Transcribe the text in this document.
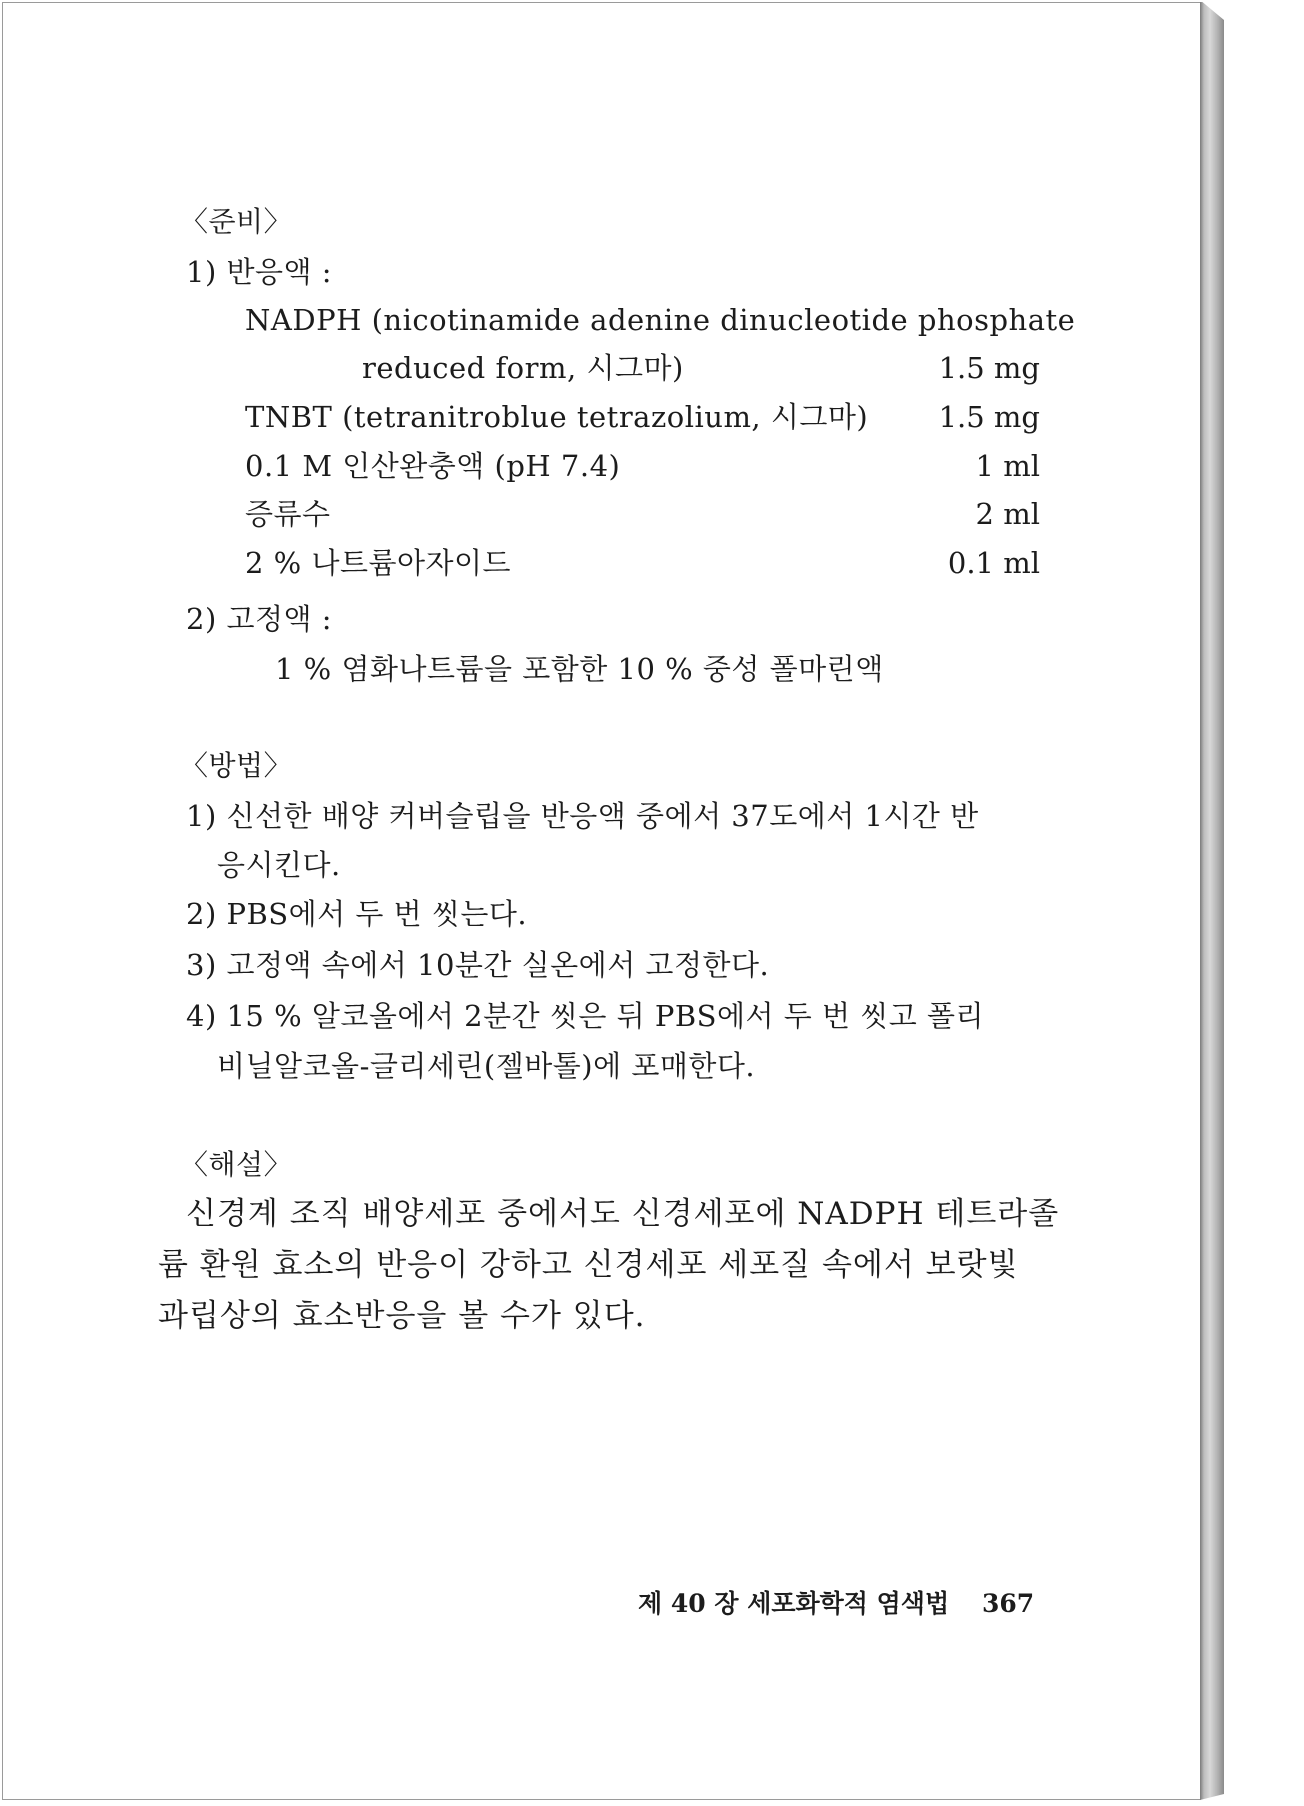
〈준비〉
1) 반응액 :
NADPH (nicotinamide adenine dinucleotide phosphate
reduced form, 시그마)	1.5 mg
TNBT (tetranitroblue tetrazolium, 시그마) 1.5 mg
0.1 M 인산완충액 (pH 7.4)	1 ml
증류수	2 ml
2 % 나트륨아자이드	0.1 ml
2) 고정액 :
1 % 염화나트륨을 포함한 10 % 중성 폴마린액
〈방법〉
1) 신선한 배양 커버슬립을 반응액 중에서 37도에서 1시간 반
응시킨다.
2) PBS에서 두 번 씻는다.
3) 고정액 속에서 10분간 실온에서 고정한다.
4) 15 % 알코올에서 2분간 씻은 뒤 PBS에서 두 번 씻고 폴리
비닐알코올-글리세린(젤바톨)에 포매한다.
〈해설〉
신경계 조직 배양세포 중에서도 신경세포에 NADPH 테트라졸
륨 환원 효소의 반응이 강하고 신경세포 세포질 속에서 보랏빛
과립상의 효소반응을 볼 수가 있다.
제 40 장 세포화학적 염색법 367
